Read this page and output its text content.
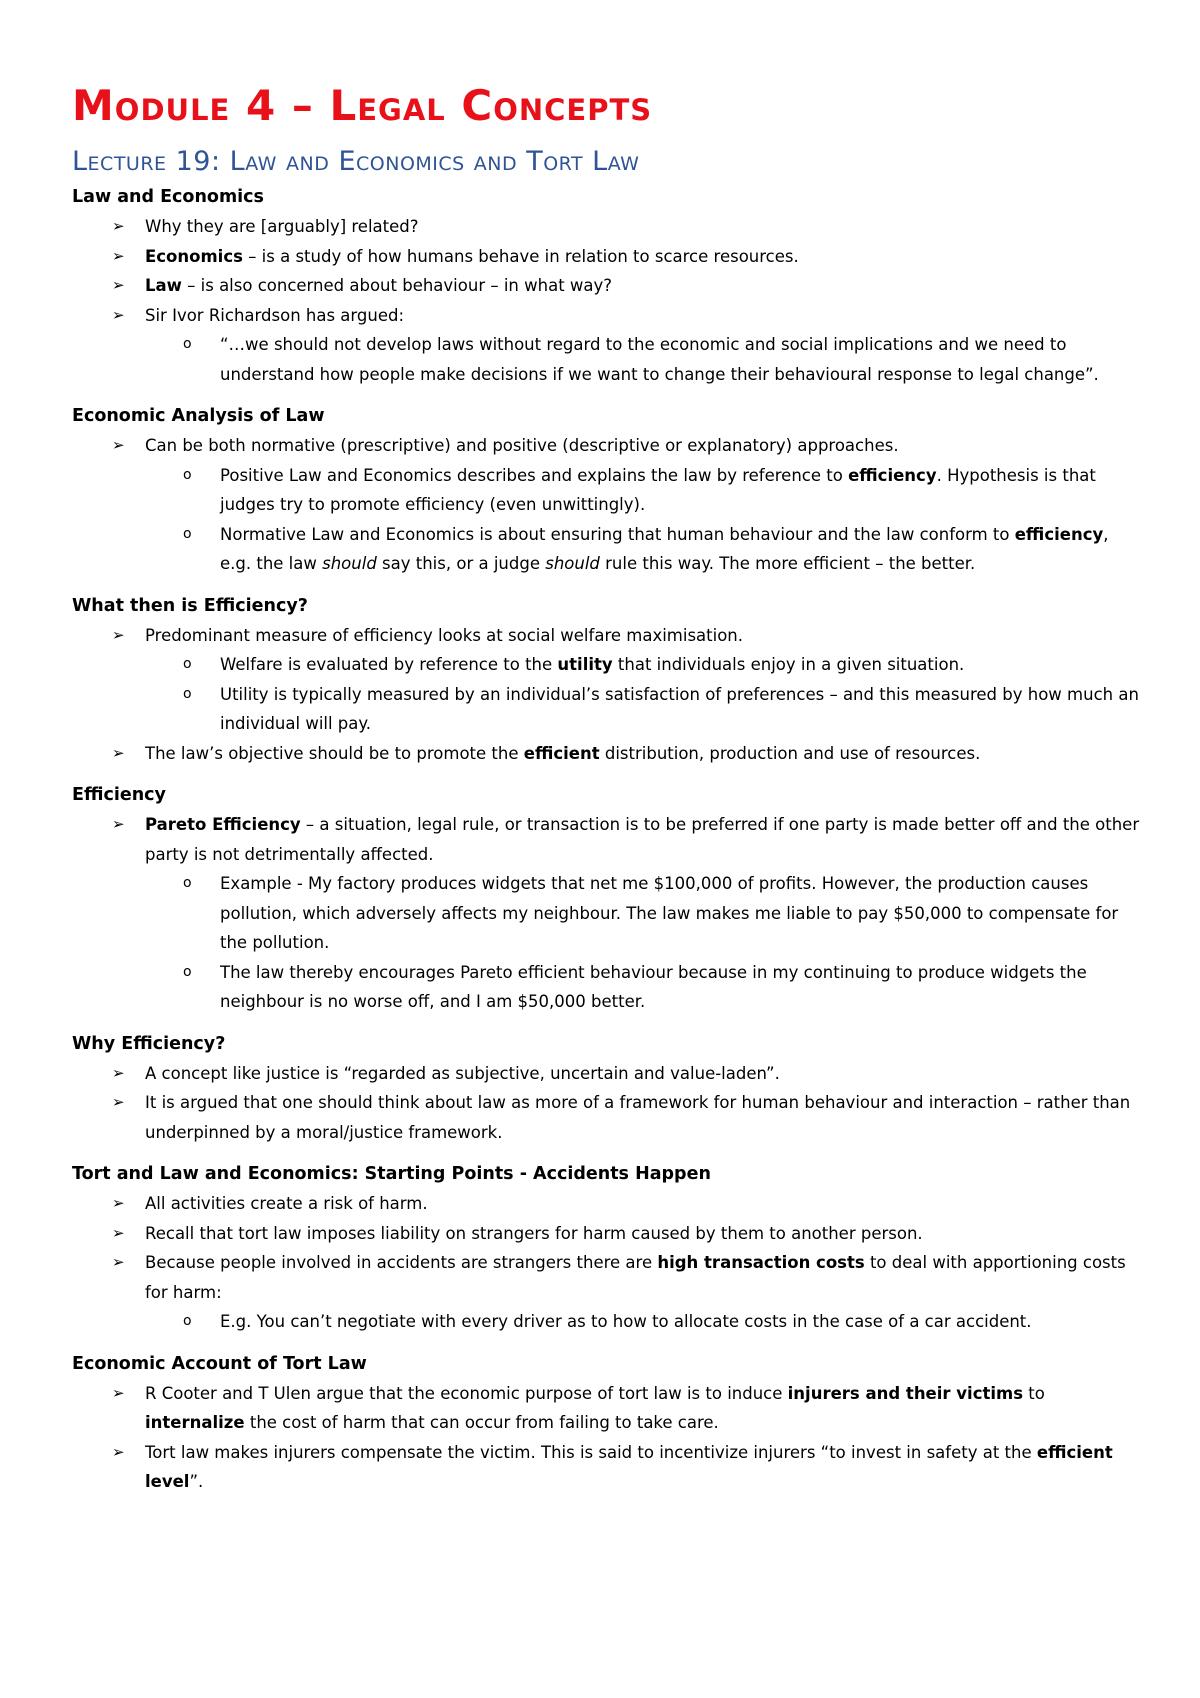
Module 4 – Legal Concepts
Lecture 19: Law and Economics and Tort Law
Law and Economics
➢	Why they are [arguably] related?
➢	Economics – is a study of how humans behave in relation to scarce resources.
➢	Law – is also concerned about behaviour – in what way?
➢	Sir Ivor Richardson has argued:
o	“…we should not develop laws without regard to the economic and social implications and we need to understand how people make decisions if we want to change their behavioural response to legal change”.
Economic Analysis of Law
➢	Can be both normative (prescriptive) and positive (descriptive or explanatory) approaches.
o	Positive Law and Economics describes and explains the law by reference to efficiency. Hypothesis is that judges try to promote efficiency (even unwittingly).
o	Normative Law and Economics is about ensuring that human behaviour and the law conform to efficiency, e.g. the law should say this, or a judge should rule this way. The more efficient – the better.
What then is Efficiency?
➢	Predominant measure of efficiency looks at social welfare maximisation.
o	Welfare is evaluated by reference to the utility that individuals enjoy in a given situation.
o	Utility is typically measured by an individual’s satisfaction of preferences – and this measured by how much an individual will pay.
➢	The law’s objective should be to promote the efficient distribution, production and use of resources.
Efficiency
➢	Pareto Efficiency – a situation, legal rule, or transaction is to be preferred if one party is made better off and the other party is not detrimentally affected.
o	Example - My factory produces widgets that net me $100,000 of profits. However, the production causes pollution, which adversely affects my neighbour. The law makes me liable to pay $50,000 to compensate for the pollution.
o	The law thereby encourages Pareto efficient behaviour because in my continuing to produce widgets the neighbour is no worse off, and I am $50,000 better.
Why Efficiency?
➢	A concept like justice is “regarded as subjective, uncertain and value-laden”.
➢	It is argued that one should think about law as more of a framework for human behaviour and interaction – rather than underpinned by a moral/justice framework.
Tort and Law and Economics: Starting Points - Accidents Happen
➢	All activities create a risk of harm.
➢	Recall that tort law imposes liability on strangers for harm caused by them to another person.
➢	Because people involved in accidents are strangers there are high transaction costs to deal with apportioning costs for harm:
o	E.g. You can’t negotiate with every driver as to how to allocate costs in the case of a car accident.
Economic Account of Tort Law
➢	R Cooter and T Ulen argue that the economic purpose of tort law is to induce injurers and their victims to internalize the cost of harm that can occur from failing to take care.
➢	Tort law makes injurers compensate the victim. This is said to incentivize injurers “to invest in safety at the efficient level”.
